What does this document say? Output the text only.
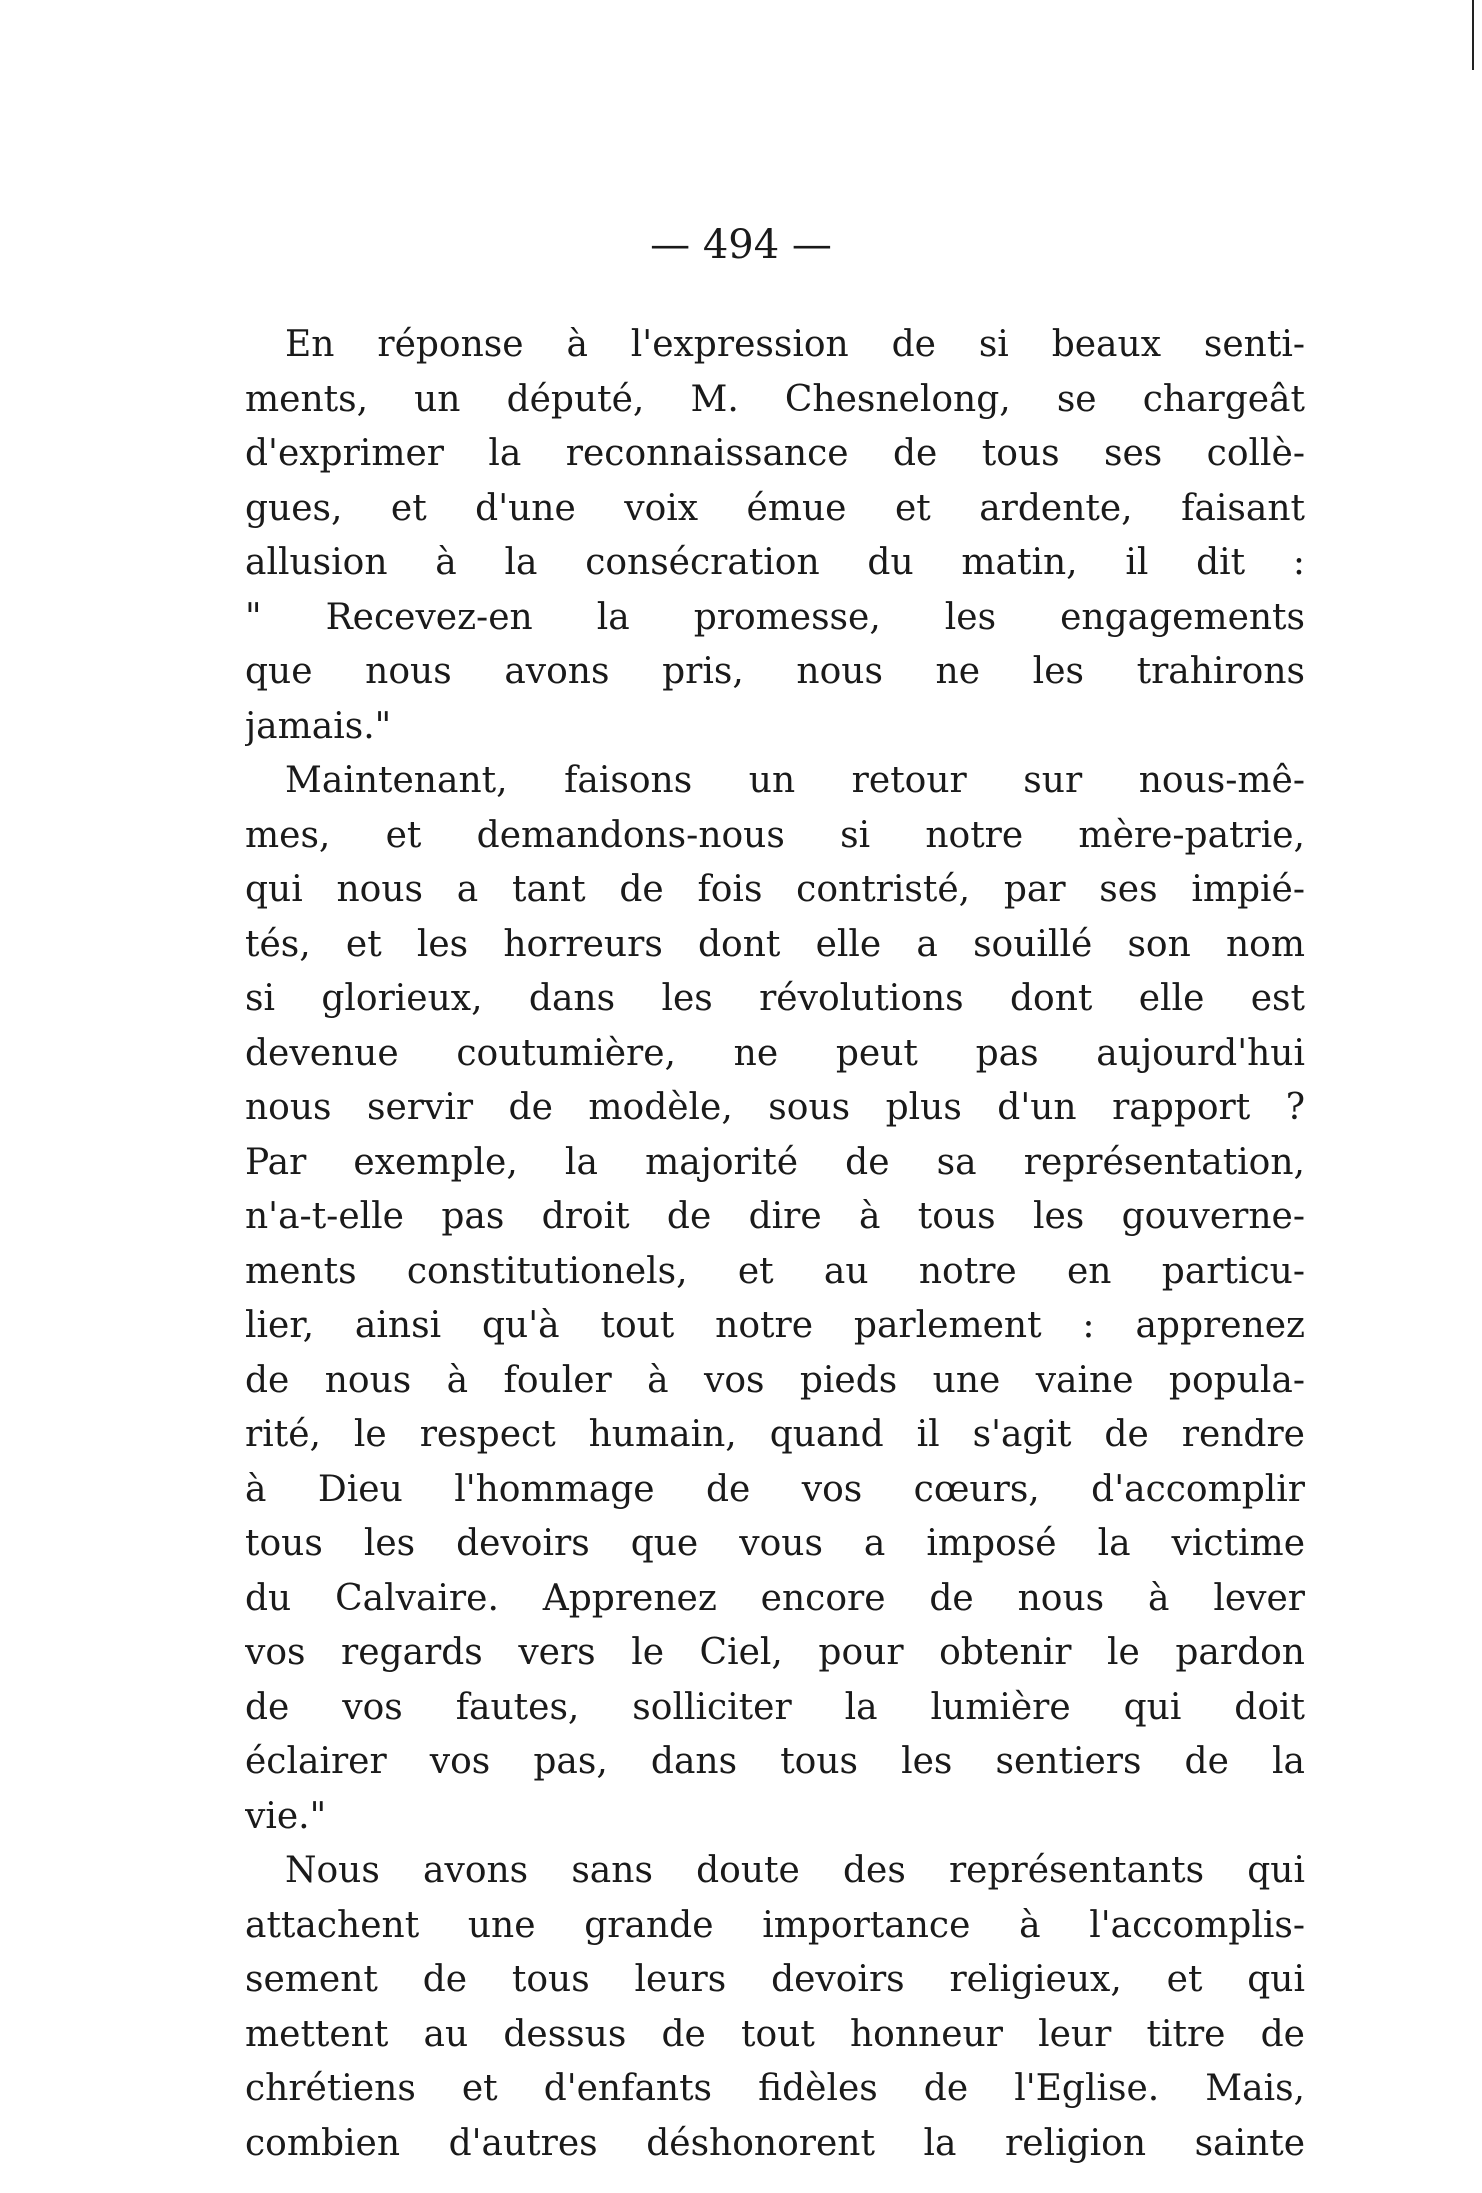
— 494 —
En réponse à l'expression de si beaux senti-
ments, un député, M. Chesnelong, se chargeât
d'exprimer la reconnaissance de tous ses collè-
gues, et d'une voix émue et ardente, faisant
allusion à la consécration du matin, il dit :
" Recevez-en la promesse, les engagements
que nous avons pris, nous ne les trahirons
jamais."
Maintenant, faisons un retour sur nous-mê-
mes, et demandons-nous si notre mère-patrie,
qui nous a tant de fois contristé, par ses impié-
tés, et les horreurs dont elle a souillé son nom
si glorieux, dans les révolutions dont elle est
devenue coutumière, ne peut pas aujourd'hui
nous servir de modèle, sous plus d'un rapport ?
Par exemple, la majorité de sa représentation,
n'a-t-elle pas droit de dire à tous les gouverne-
ments constitutionels, et au notre en particu-
lier, ainsi qu'à tout notre parlement : apprenez
de nous à fouler à vos pieds une vaine popula-
rité, le respect humain, quand il s'agit de rendre
à Dieu l'hommage de vos cœurs, d'accomplir
tous les devoirs que vous a imposé la victime
du Calvaire. Apprenez encore de nous à lever
vos regards vers le Ciel, pour obtenir le pardon
de vos fautes, solliciter la lumière qui doit
éclairer vos pas, dans tous les sentiers de la
vie."
Nous avons sans doute des représentants qui
attachent une grande importance à l'accomplis-
sement de tous leurs devoirs religieux, et qui
mettent au dessus de tout honneur leur titre de
chrétiens et d'enfants fidèles de l'Eglise. Mais,
combien d'autres déshonorent la religion sainte
